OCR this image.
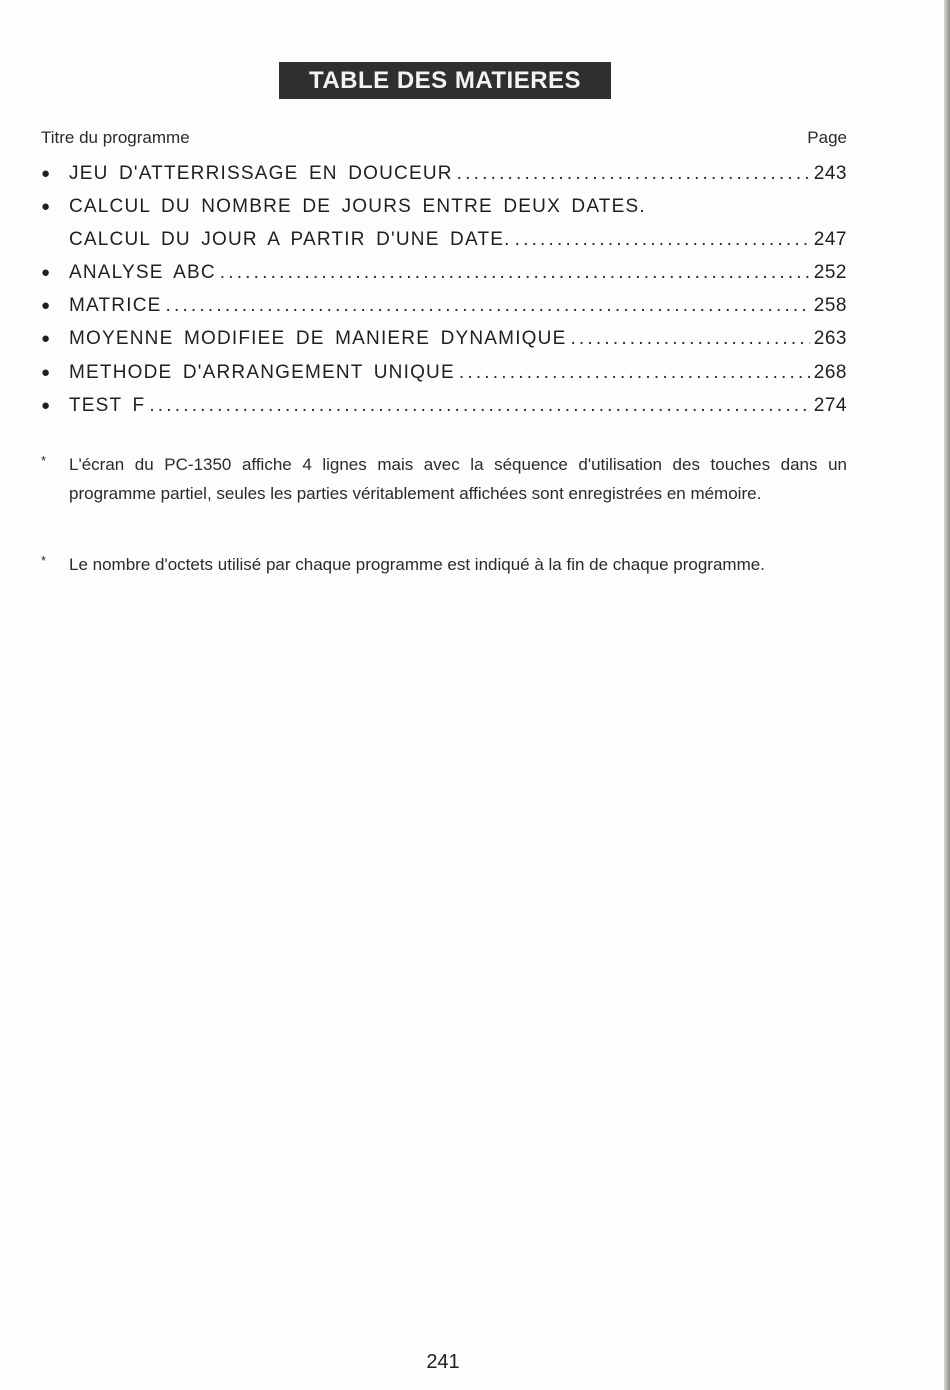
TABLE DES MATIERES
Titre du programme	Page
● JEU D'ATTERRISSAGE EN DOUCEUR .....	243
● CALCUL DU NOMBRE DE JOURS ENTRE DEUX DATES.
CALCUL DU JOUR A PARTIR D'UNE DATE. .....	247
● ANALYSE ABC .....	252
● MATRICE .....	258
● MOYENNE MODIFIEE DE MANIERE DYNAMIQUE .....	263
● METHODE D'ARRANGEMENT UNIQUE .....	268
● TEST F .....	274
* L'écran du PC-1350 affiche 4 lignes mais avec la séquence d'utilisation des touches dans un programme partiel, seules les parties véritablement affichées sont enregistrées en mémoire.
* Le nombre d'octets utilisé par chaque programme est indiqué à la fin de chaque programme.
241
